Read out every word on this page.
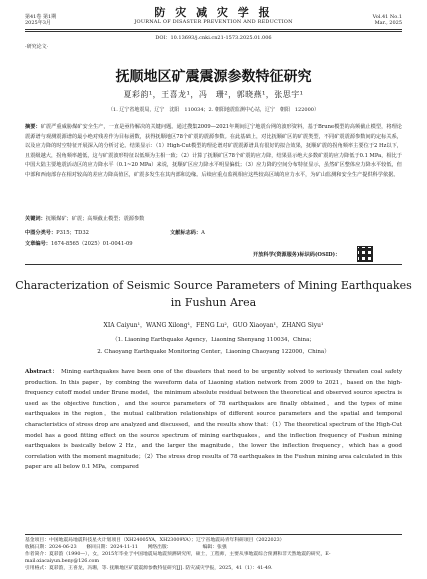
第41卷 第1期
2025年3月
防 灾 减 灾 学 报
JOURNAL OF DISASTER PREVENTION AND REDUCTION
Vol.41 No.1
Mar., 2025
DOI：10.13693/j.cnki.cn21-1573.2025.01.006
·研究论文·
抚顺地区矿震震源参数特征研究
夏彩韵¹，王喜龙¹，冯　珊²，郭晓燕¹，张思宇¹
（1. 辽宁省地震局，辽宁　沈阳　110034；2. 朝阳地震监测中心站，辽宁　朝阳　122000）
摘要：矿震严重威胁煤矿安全生产，一直是亟待解决的关键问题。通过搜集2009—2021年期间辽宁地震台网的波形资料，基于Brune模型的高频截止模型，将理论震源谱与观测震源谱的最小绝对残差作为目标函数，获得抚顺地区78个矿震的震源参数。在此基础上，对比抚顺矿区的矿震类型，不同矿震震源参数间的定标关系，以及应力降的时空特征开展深入的分析讨论。结果显示：（1）High-Cut模型的理论谱对矿震震源谱具有很好的拟合效果，抚顺矿震的拐角频率主要位于2 Hz以下，且震级越大，拐角频率越低，这与矿震波形特征以低频为主相一致；（2）计算了抚顺矿区78个矿震的应力降，结果显示绝大多数矿震的应力降低于0.1 MPa，相比于中国大陆主要地震活动区的应力降水平（0.1~20 MPa）来说，抚顺矿区应力降水平明显偏低；（3）应力降的空间分布特征显示，虽然矿区整体应力降水平较低，但中部和西南部存在相对较高的差应力降高值区，矿震多发生在其内部和边缘。后续应重点监视相应这些较高区域的应力水平，为矿山监测和安全生产提供科学依据。
关键词：抚顺煤矿；矿震；高频截止模型；震源参数
中图分类号：P315；TD32	文献标志码：A
文章编号：1674-8565（2025）01-0041-09
开放科学(资源服务)标识码(OSID)：
Characterization of Seismic Source Parameters of Mining Earthquakes
in Fushun Area
XIA Caiyun¹，WANG Xilong¹，FENG Lu²，GUO Xiaoyan¹，ZHANG Siyu¹
（1. Liaoning Earthquake Agency，Liaoning Shenyang 110034，China；
2. Chaoyang Earthquake Monitoring Center，Liaoning Chaoyang 122000，China）
Abstract： Mining earthquakes have been one of the disasters that need to be urgently solved to seriously threaten coal safety production. In this paper，by combing the waveform data of Liaoning station network from 2009 to 2021，based on the high-frequency cutoff model under Brune model，the minimum absolute residual between the theoretical and observed source spectra is used as the objective function，and the source parameters of 78 earthquakes are finally obtained，and the types of mine earthquakes in the region，the mutual calibration relationships of different source parameters and the spatial and temporal characteristics of stress drop are analyzed and discussed，and the results show that：（1）The theoretical spectrum of the High-Cut model has a good fitting effect on the source spectrum of mining earthquakes，and the inflection frequency of Fushun mining earthquakes is basically below 2 Hz，and the larger the magnitude，the lower the inflection frequency，which has a good correlation with the moment magnitude；（2）The stress drop results of 78 earthquakes in the Fushun mining area calculated in this paper are all below 0.1 MPa，compared
基金项目：中国地震局地震科技星火计划项目（XH24005YA，XH23009YA）；辽宁省地震局青年科研项目（2022023）
收稿日期：2024-06-23　　修回日期：2024-11-11　　网络出版：　　　　　　　编辑：张强
作者简介：夏彩韵（1990—），女，2015年毕业于中国地震局地震预测研究所，硕士，工程师，主要从事地震综合预测和非天然地震的研究，E-mail:xiacaiyun.beny@126.com
引用格式：夏彩韵，王喜龙，冯珊，等. 抚顺地区矿震震源参数特征研究[J]. 防灾减灾学报，2025，41（1）：41-49.
